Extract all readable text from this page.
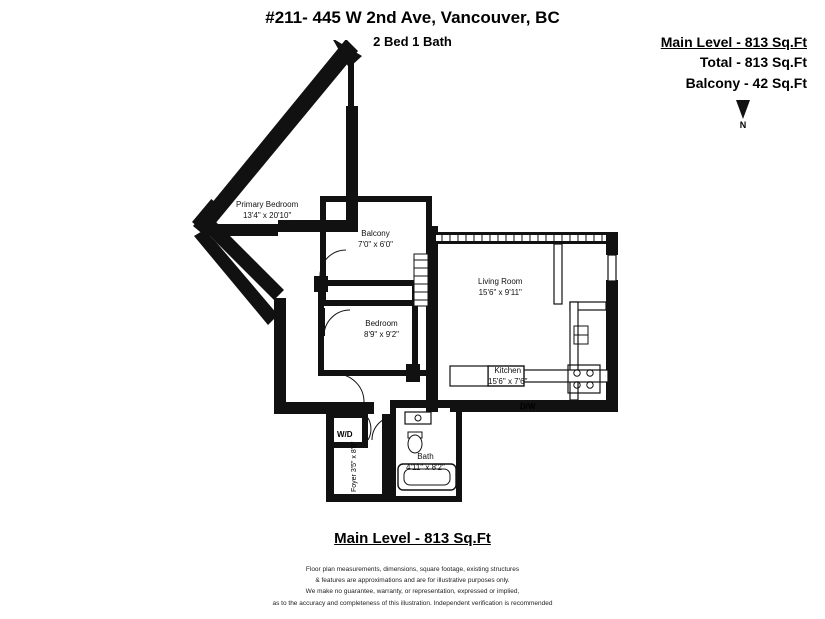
#211- 445 W 2nd Ave, Vancouver, BC
2 Bed 1 Bath	Main Level - 813 Sq.Ft
Total - 813 Sq.Ft
Balcony - 42 Sq.Ft
N
Primary Bedroom
13'4" x 20'10"
Balcony
7'0" x 6'0"
Bedroom
8'9" x 9'2"
Living Room
15'6" x 9'11"
Kitchen
15'6" x 7'6"
Bath
4'11" x 8'2"
Foyer 3'5" x 8'6"
D/W
W/D
Main Level - 813 Sq.Ft
Floor plan measurements, dimensions, square footage, existing structures
& features are approximations and are for illustrative purposes only.
We make no guarantee, warranty, or representation, expressed or implied,
as to the accuracy and completeness of this illustration. Independent verification is recommended
